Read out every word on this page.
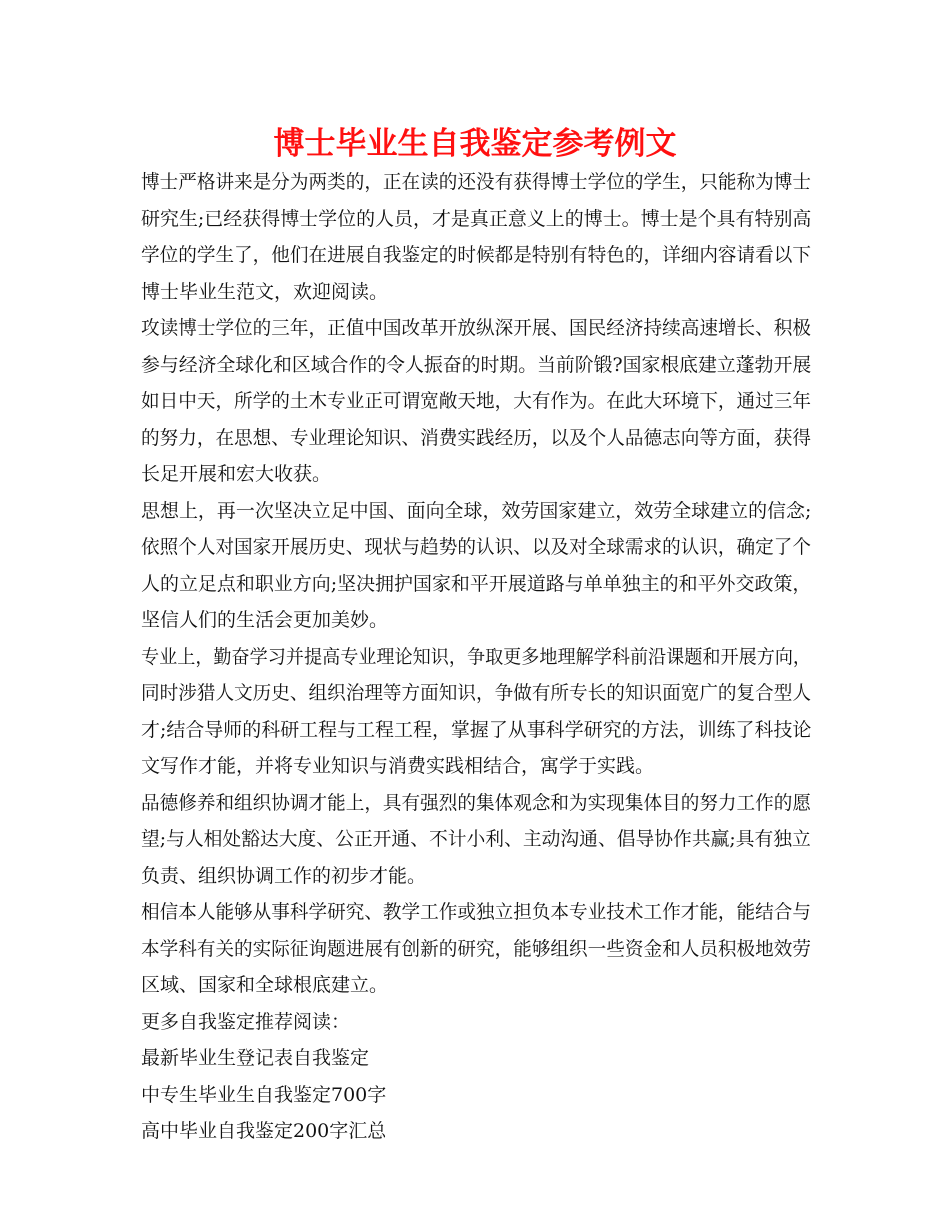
博士毕业生自我鉴定参考例文
博士严格讲来是分为两类的，正在读的还没有获得博士学位的学生，只能称为博士
研究生;已经获得博士学位的人员，才是真正意义上的博士。博士是个具有特别高
学位的学生了，他们在进展自我鉴定的时候都是特别有特色的，详细内容请看以下
博士毕业生范文，欢迎阅读。
攻读博士学位的三年，正值中国改革开放纵深开展、国民经济持续高速增长、积极
参与经济全球化和区域合作的令人振奋的时期。当前阶锻?国家根底建立蓬勃开展
如日中天，所学的土木专业正可谓宽敞天地，大有作为。在此大环境下，通过三年
的努力，在思想、专业理论知识、消费实践经历，以及个人品德志向等方面，获得
长足开展和宏大收获。
思想上，再一次坚决立足中国、面向全球，效劳国家建立，效劳全球建立的信念;
依照个人对国家开展历史、现状与趋势的认识、以及对全球需求的认识，确定了个
人的立足点和职业方向;坚决拥护国家和平开展道路与单单独主的和平外交政策，
坚信人们的生活会更加美妙。
专业上，勤奋学习并提高专业理论知识，争取更多地理解学科前沿课题和开展方向，
同时涉猎人文历史、组织治理等方面知识，争做有所专长的知识面宽广的复合型人
才;结合导师的科研工程与工程工程，掌握了从事科学研究的方法，训练了科技论
文写作才能，并将专业知识与消费实践相结合，寓学于实践。
品德修养和组织协调才能上，具有强烈的集体观念和为实现集体目的努力工作的愿
望;与人相处豁达大度、公正开通、不计小利、主动沟通、倡导协作共赢;具有独立
负责、组织协调工作的初步才能。
相信本人能够从事科学研究、教学工作或独立担负本专业技术工作才能，能结合与
本学科有关的实际征询题进展有创新的研究，能够组织一些资金和人员积极地效劳
区域、国家和全球根底建立。
更多自我鉴定推荐阅读：
最新毕业生登记表自我鉴定
中专生毕业生自我鉴定700字
高中毕业自我鉴定200字汇总
